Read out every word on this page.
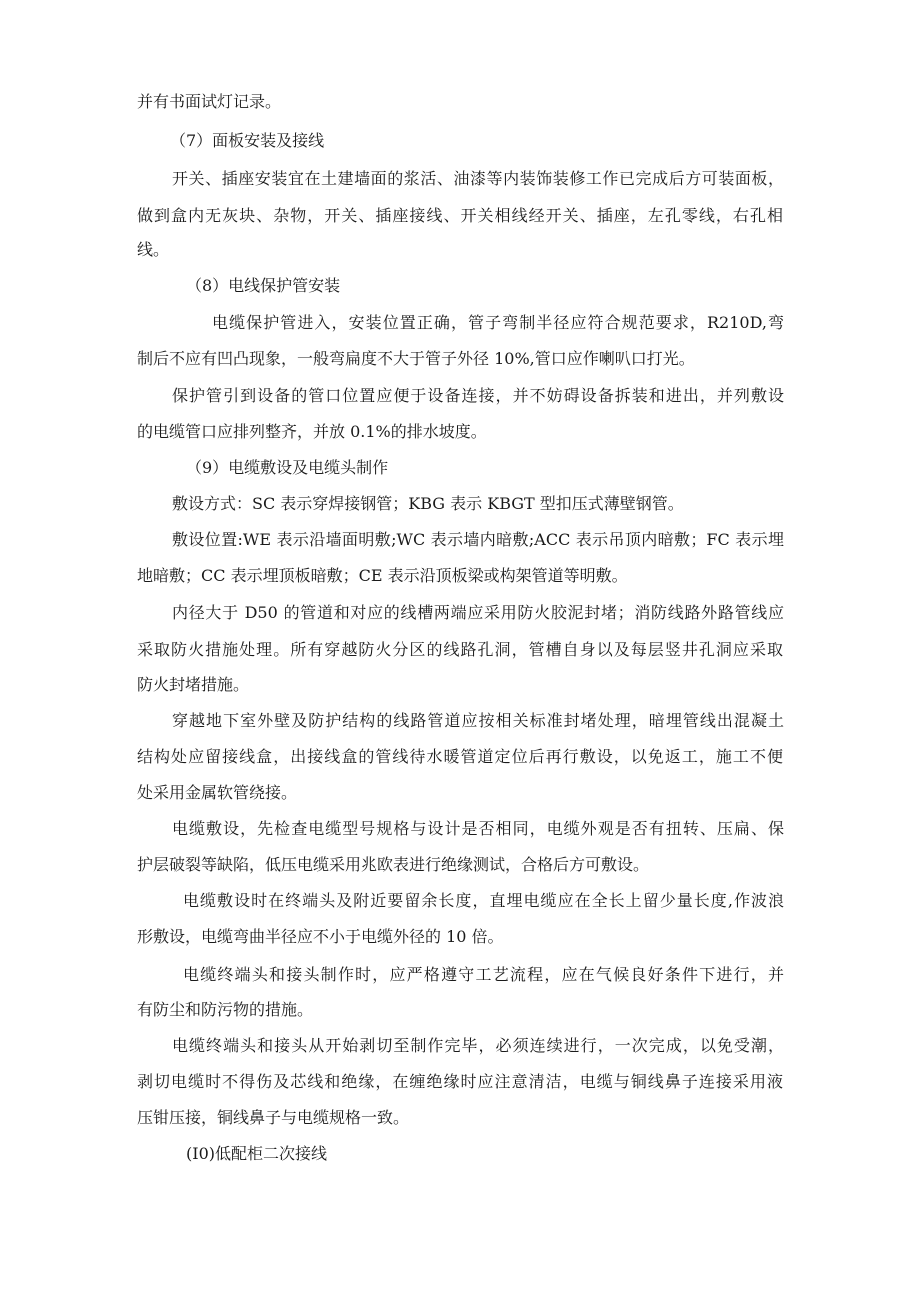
并有书面试灯记录。
（7）面板安装及接线
开关、插座安装宜在土建墙面的浆活、油漆等内装饰装修工作已完成后方可装面板，
做到盒内无灰块、杂物，开关、插座接线、开关相线经开关、插座，左孔零线，右孔相
线。
（8）电线保护管安装
电缆保护管进入，安装位置正确，管子弯制半径应符合规范要求，R210D,弯
制后不应有凹凸现象，一般弯扁度不大于管子外径 10%,管口应作喇叭口打光。
保护管引到设备的管口位置应便于设备连接，并不妨碍设备拆装和进出，并列敷设
的电缆管口应排列整齐，并放 0.1%的排水坡度。
（9）电缆敷设及电缆头制作
敷设方式：SC 表示穿焊接钢管；KBG 表示 KBGT 型扣压式薄壁钢管。
敷设位置:WE 表示沿墙面明敷;WC 表示墙内暗敷;ACC 表示吊顶内暗敷；FC 表示埋
地暗敷；CC 表示埋顶板暗敷；CE 表示沿顶板梁或构架管道等明敷。
内径大于 D50 的管道和对应的线槽两端应采用防火胶泥封堵；消防线路外路管线应
采取防火措施处理。所有穿越防火分区的线路孔洞，管槽自身以及每层竖井孔洞应采取
防火封堵措施。
穿越地下室外壁及防护结构的线路管道应按相关标准封堵处理，暗埋管线出混凝土
结构处应留接线盒，出接线盒的管线待水暖管道定位后再行敷设，以免返工，施工不便
处采用金属软管绕接。
电缆敷设，先检查电缆型号规格与设计是否相同，电缆外观是否有扭转、压扁、保
护层破裂等缺陷，低压电缆采用兆欧表进行绝缘测试，合格后方可敷设。
电缆敷设时在终端头及附近要留余长度，直埋电缆应在全长上留少量长度,作波浪
形敷设，电缆弯曲半径应不小于电缆外径的 10 倍。
电缆终端头和接头制作时，应严格遵守工艺流程，应在气候良好条件下进行，并
有防尘和防污物的措施。
电缆终端头和接头从开始剥切至制作完毕，必须连续进行，一次完成，以免受潮，
剥切电缆时不得伤及芯线和绝缘，在缠绝缘时应注意清洁，电缆与铜线鼻子连接采用液
压钳压接，铜线鼻子与电缆规格一致。
(I0)低配柜二次接线
